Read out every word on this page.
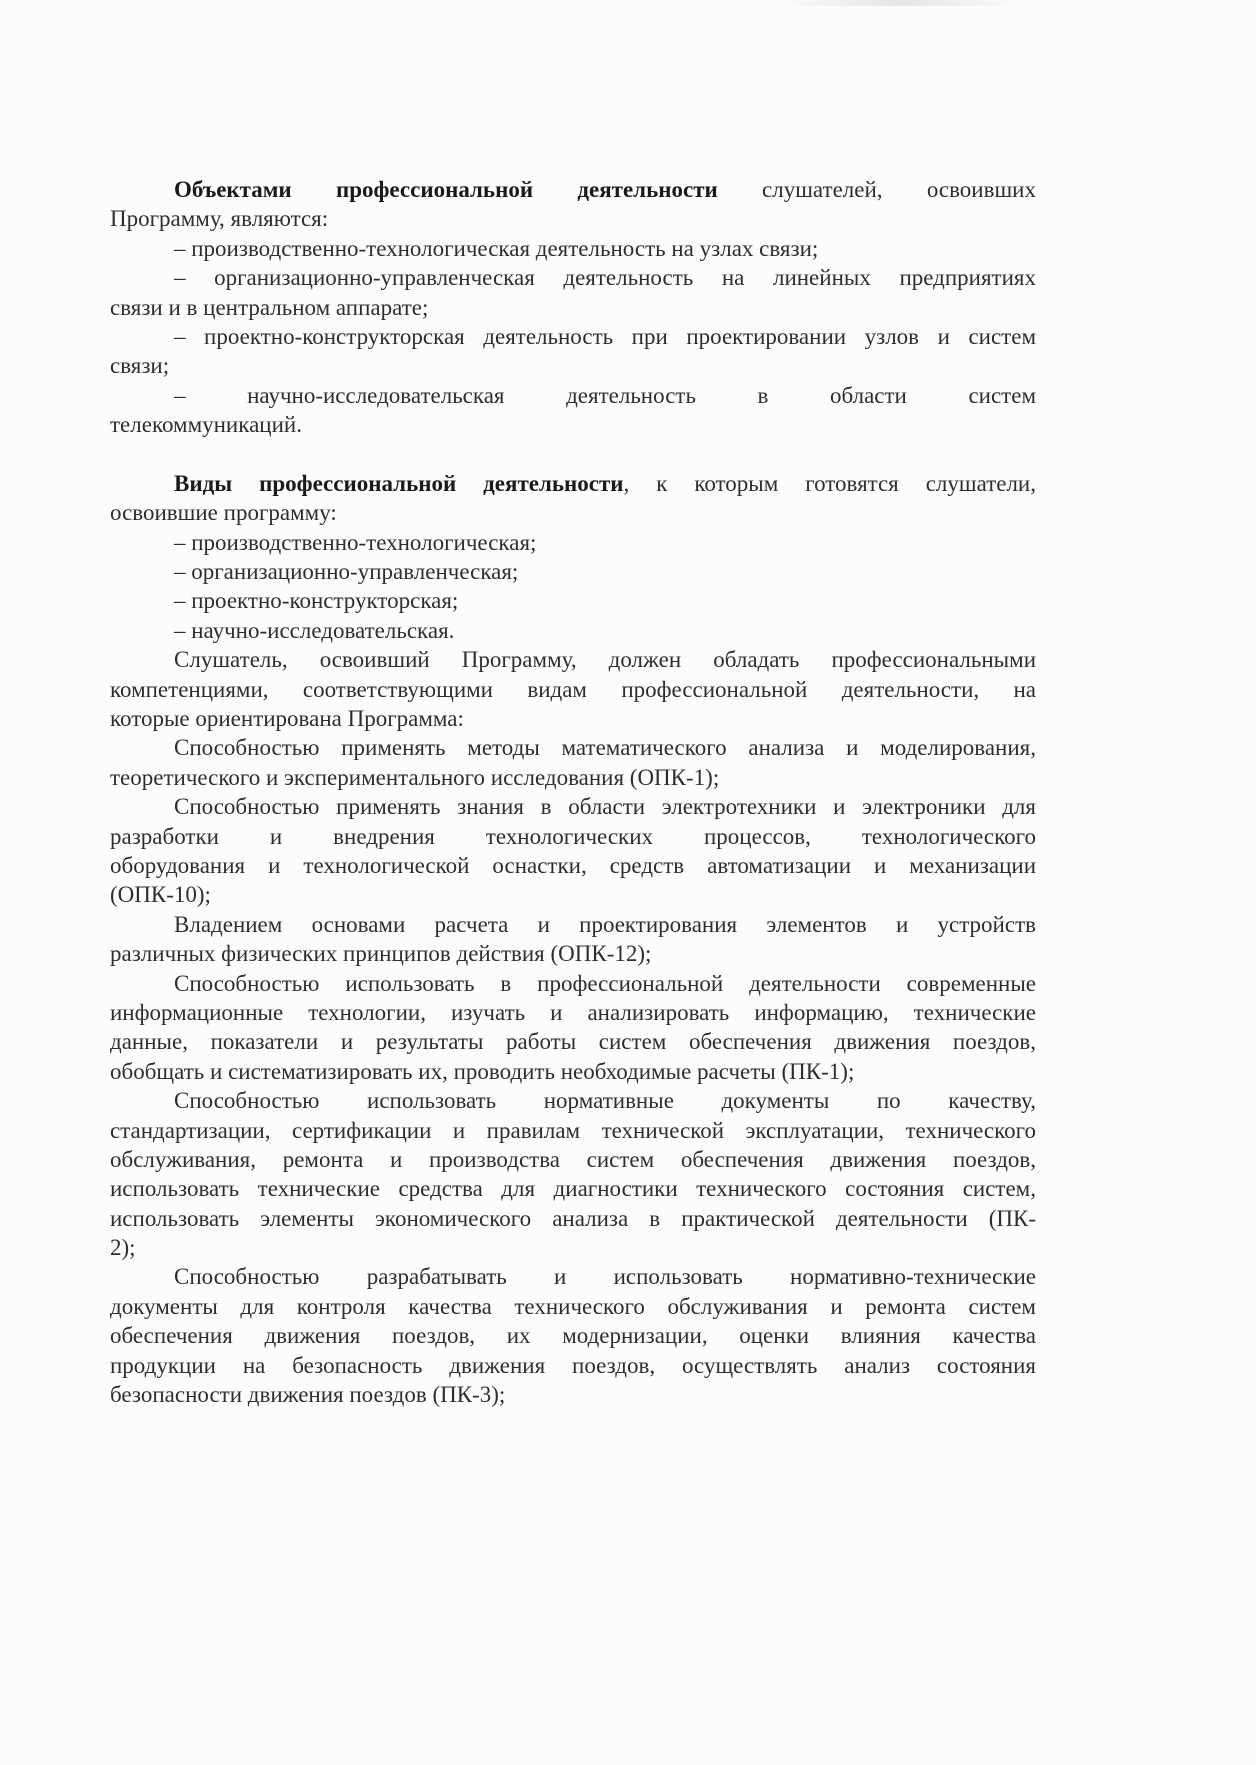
Объектами профессиональной деятельности слушателей, освоивших
Программу, являются:
– производственно-технологическая деятельность на узлах связи;
– организационно-управленческая деятельность на линейных предприятиях
связи и в центральном аппарате;
– проектно-конструкторская деятельность при проектировании узлов и систем
связи;
– научно-исследовательская деятельность в области систем
телекоммуникаций.
Виды профессиональной деятельности, к которым готовятся слушатели,
освоившие программу:
– производственно-технологическая;
– организационно-управленческая;
– проектно-конструкторская;
– научно-исследовательская.
Слушатель, освоивший Программу, должен обладать профессиональными
компетенциями, соответствующими видам профессиональной деятельности, на
которые ориентирована Программа:
Способностью применять методы математического анализа и моделирования,
теоретического и экспериментального исследования (ОПК-1);
Способностью применять знания в области электротехники и электроники для
разработки и внедрения технологических процессов, технологического
оборудования и технологической оснастки, средств автоматизации и механизации
(ОПК-10);
Владением основами расчета и проектирования элементов и устройств
различных физических принципов действия (ОПК-12);
Способностью использовать в профессиональной деятельности современные
информационные технологии, изучать и анализировать информацию, технические
данные, показатели и результаты работы систем обеспечения движения поездов,
обобщать и систематизировать их, проводить необходимые расчеты (ПК-1);
Способностью использовать нормативные документы по качеству,
стандартизации, сертификации и правилам технической эксплуатации, технического
обслуживания, ремонта и производства систем обеспечения движения поездов,
использовать технические средства для диагностики технического состояния систем,
использовать элементы экономического анализа в практической деятельности (ПК-
2);
Способностью разрабатывать и использовать нормативно-технические
документы для контроля качества технического обслуживания и ремонта систем
обеспечения движения поездов, их модернизации, оценки влияния качества
продукции на безопасность движения поездов, осуществлять анализ состояния
безопасности движения поездов (ПК-3);
